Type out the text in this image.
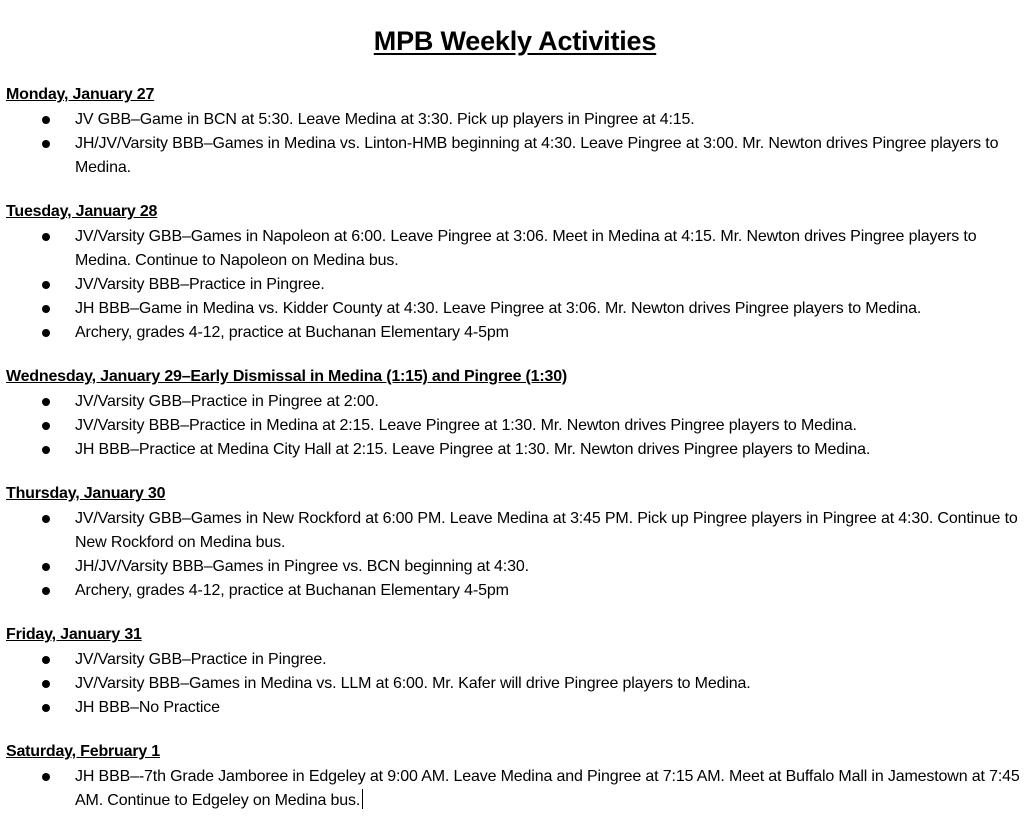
MPB Weekly Activities
Monday, January 27
JV GBB–Game in BCN at 5:30. Leave Medina at 3:30. Pick up players in Pingree at 4:15.
JH/JV/Varsity BBB–Games in Medina vs. Linton-HMB beginning at 4:30. Leave Pingree at 3:00. Mr. Newton drives Pingree players to Medina.
Tuesday, January 28
JV/Varsity GBB–Games in Napoleon at 6:00. Leave Pingree at 3:06. Meet in Medina at 4:15. Mr. Newton drives Pingree players to Medina. Continue to Napoleon on Medina bus.
JV/Varsity BBB–Practice in Pingree.
JH BBB–Game in Medina vs. Kidder County at 4:30. Leave Pingree at 3:06. Mr. Newton drives Pingree players to Medina.
Archery, grades 4-12, practice at Buchanan Elementary 4-5pm
Wednesday, January 29–Early Dismissal in Medina (1:15) and Pingree (1:30)
JV/Varsity GBB–Practice in Pingree at 2:00.
JV/Varsity BBB–Practice in Medina at 2:15. Leave Pingree at 1:30. Mr. Newton drives Pingree players to Medina.
JH BBB–Practice at Medina City Hall at 2:15. Leave Pingree at 1:30. Mr. Newton drives Pingree players to Medina.
Thursday, January 30
JV/Varsity GBB–Games in New Rockford at 6:00 PM. Leave Medina at 3:45 PM. Pick up Pingree players in Pingree at 4:30. Continue to New Rockford on Medina bus.
JH/JV/Varsity BBB–Games in Pingree vs. BCN beginning at 4:30.
Archery, grades 4-12, practice at Buchanan Elementary 4-5pm
Friday, January 31
JV/Varsity GBB–Practice in Pingree.
JV/Varsity BBB–Games in Medina vs. LLM at 6:00. Mr. Kafer will drive Pingree players to Medina.
JH BBB–No Practice
Saturday, February 1
JH BBB–-7th Grade Jamboree in Edgeley at 9:00 AM. Leave Medina and Pingree at 7:15 AM. Meet at Buffalo Mall in Jamestown at 7:45 AM. Continue to Edgeley on Medina bus.
